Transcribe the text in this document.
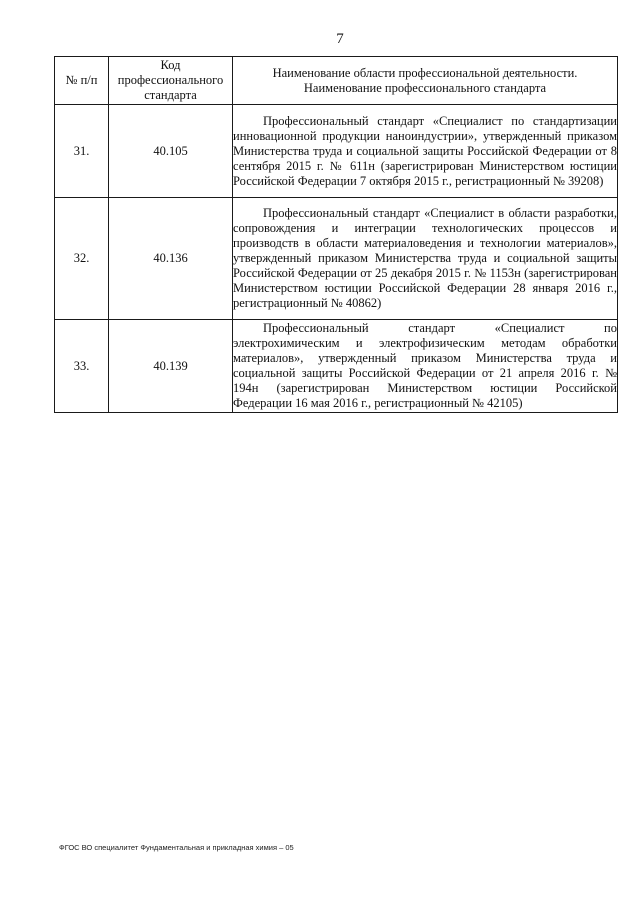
7
№ п/п	Код профессионального стандарта	Наименование области профессиональной деятельности.
Наименование профессионального стандарта

31.	40.105	Профессиональный стандарт «Специалист по стандартизации инновационной продукции наноиндустрии», утвержденный приказом Министерства труда и социальной защиты Российской Федерации от 8 сентября 2015 г. № 611н (зарегистрирован Министерством юстиции Российской Федерации 7 октября 2015 г., регистрационный № 39208)
32.	40.136	Профессиональный стандарт «Специалист в области разработки, сопровождения и интеграции технологических процессов и производств в области материаловедения и технологии материалов», утвержденный приказом Министерства труда и социальной защиты Российской Федерации от 25 декабря 2015 г. № 1153н (зарегистрирован Министерством юстиции Российской Федерации 28 января 2016 г., регистрационный № 40862)
33.	40.139	Профессиональный стандарт «Специалист по электрохимическим и электрофизическим методам обработки материалов», утвержденный приказом Министерства труда и социальной защиты Российской Федерации от 21 апреля 2016 г. № 194н (зарегистрирован Министерством юстиции Российской Федерации 16 мая 2016 г., регистрационный № 42105)
ФГОС ВО специалитет Фундаментальная и прикладная химия – 05
